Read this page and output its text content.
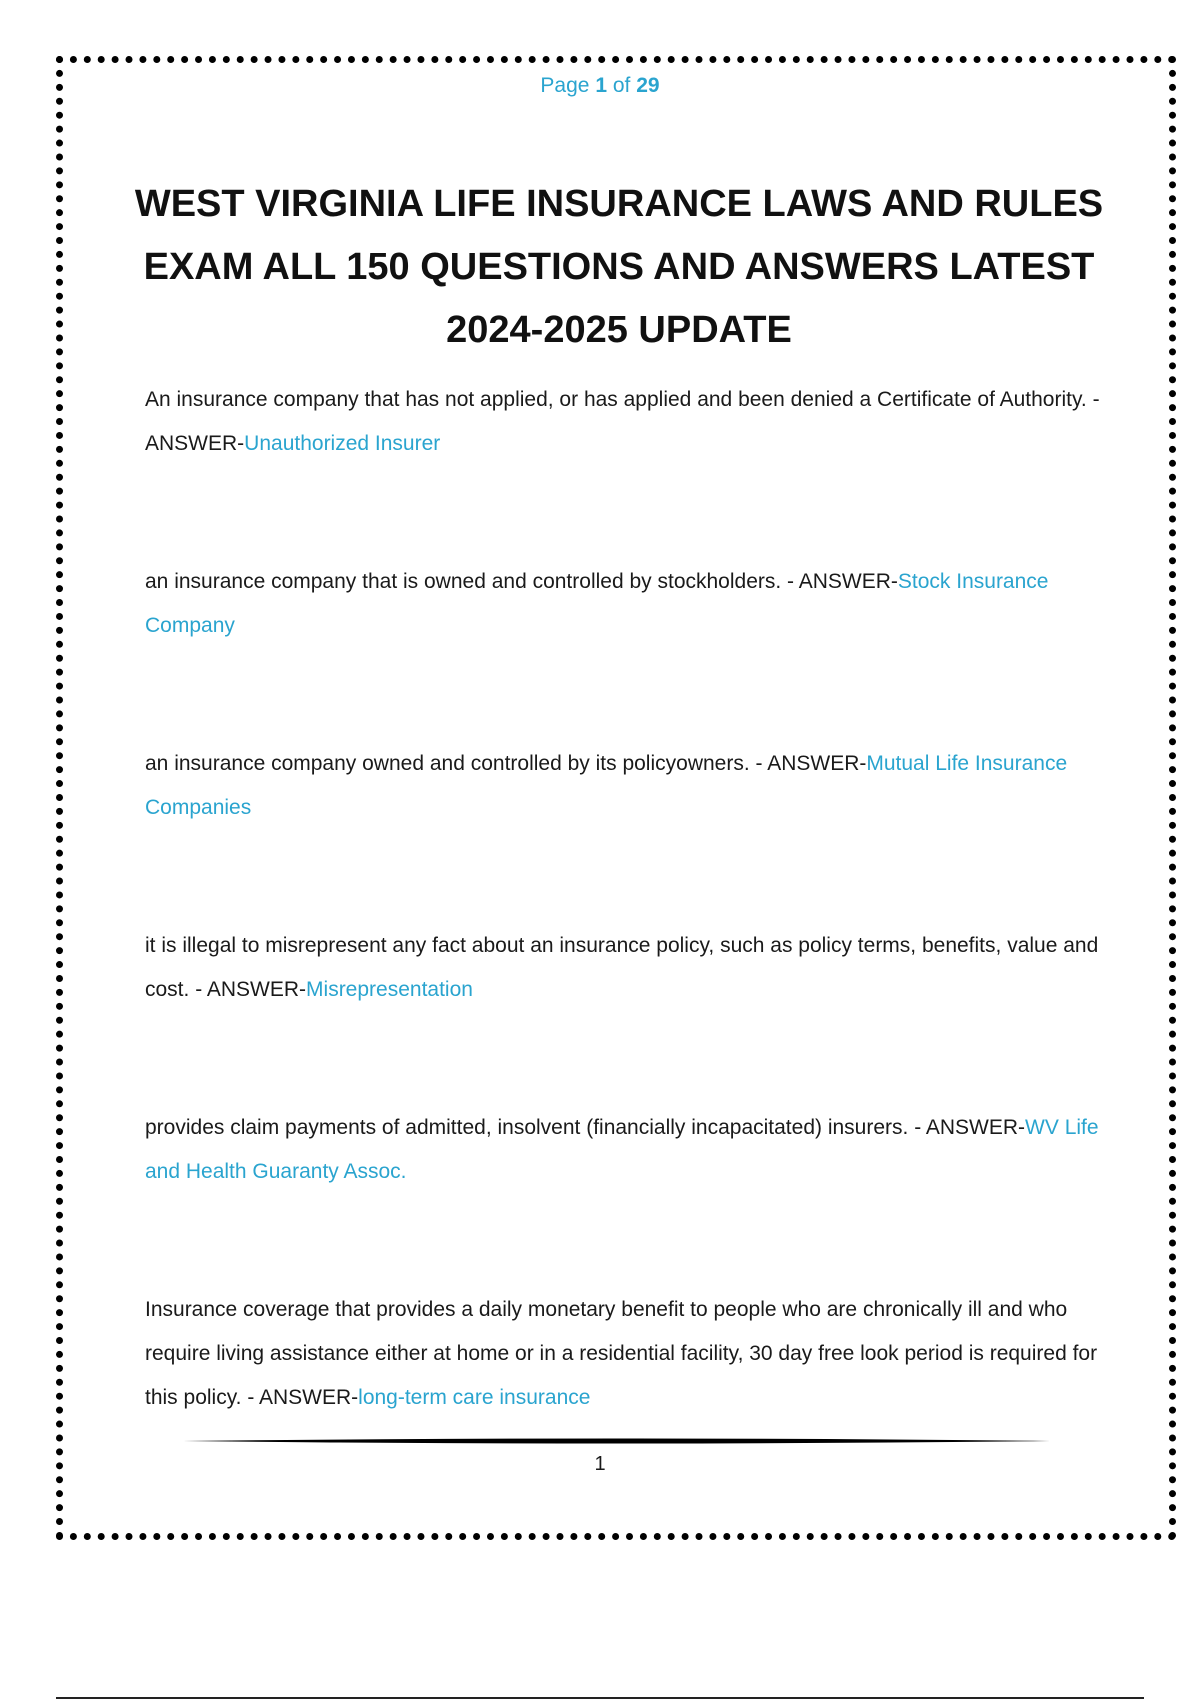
Page 1 of 29
WEST VIRGINIA LIFE INSURANCE LAWS AND RULES EXAM ALL 150 QUESTIONS AND ANSWERS LATEST 2024-2025 UPDATE

An insurance company that has not applied, or has applied and been denied a Certificate of Authority. - ANSWER-Unauthorized Insurer

an insurance company that is owned and controlled by stockholders. - ANSWER-Stock Insurance Company

an insurance company owned and controlled by its policyowners. - ANSWER-Mutual Life Insurance Companies

it is illegal to misrepresent any fact about an insurance policy, such as policy terms, benefits, value and cost. - ANSWER-Misrepresentation

provides claim payments of admitted, insolvent (financially incapacitated) insurers. - ANSWER-WV Life and Health Guaranty Assoc.

Insurance coverage that provides a daily monetary benefit to people who are chronically ill and who require living assistance either at home or in a residential facility, 30 day free look period is required for this policy. - ANSWER-long-term care insurance

1
